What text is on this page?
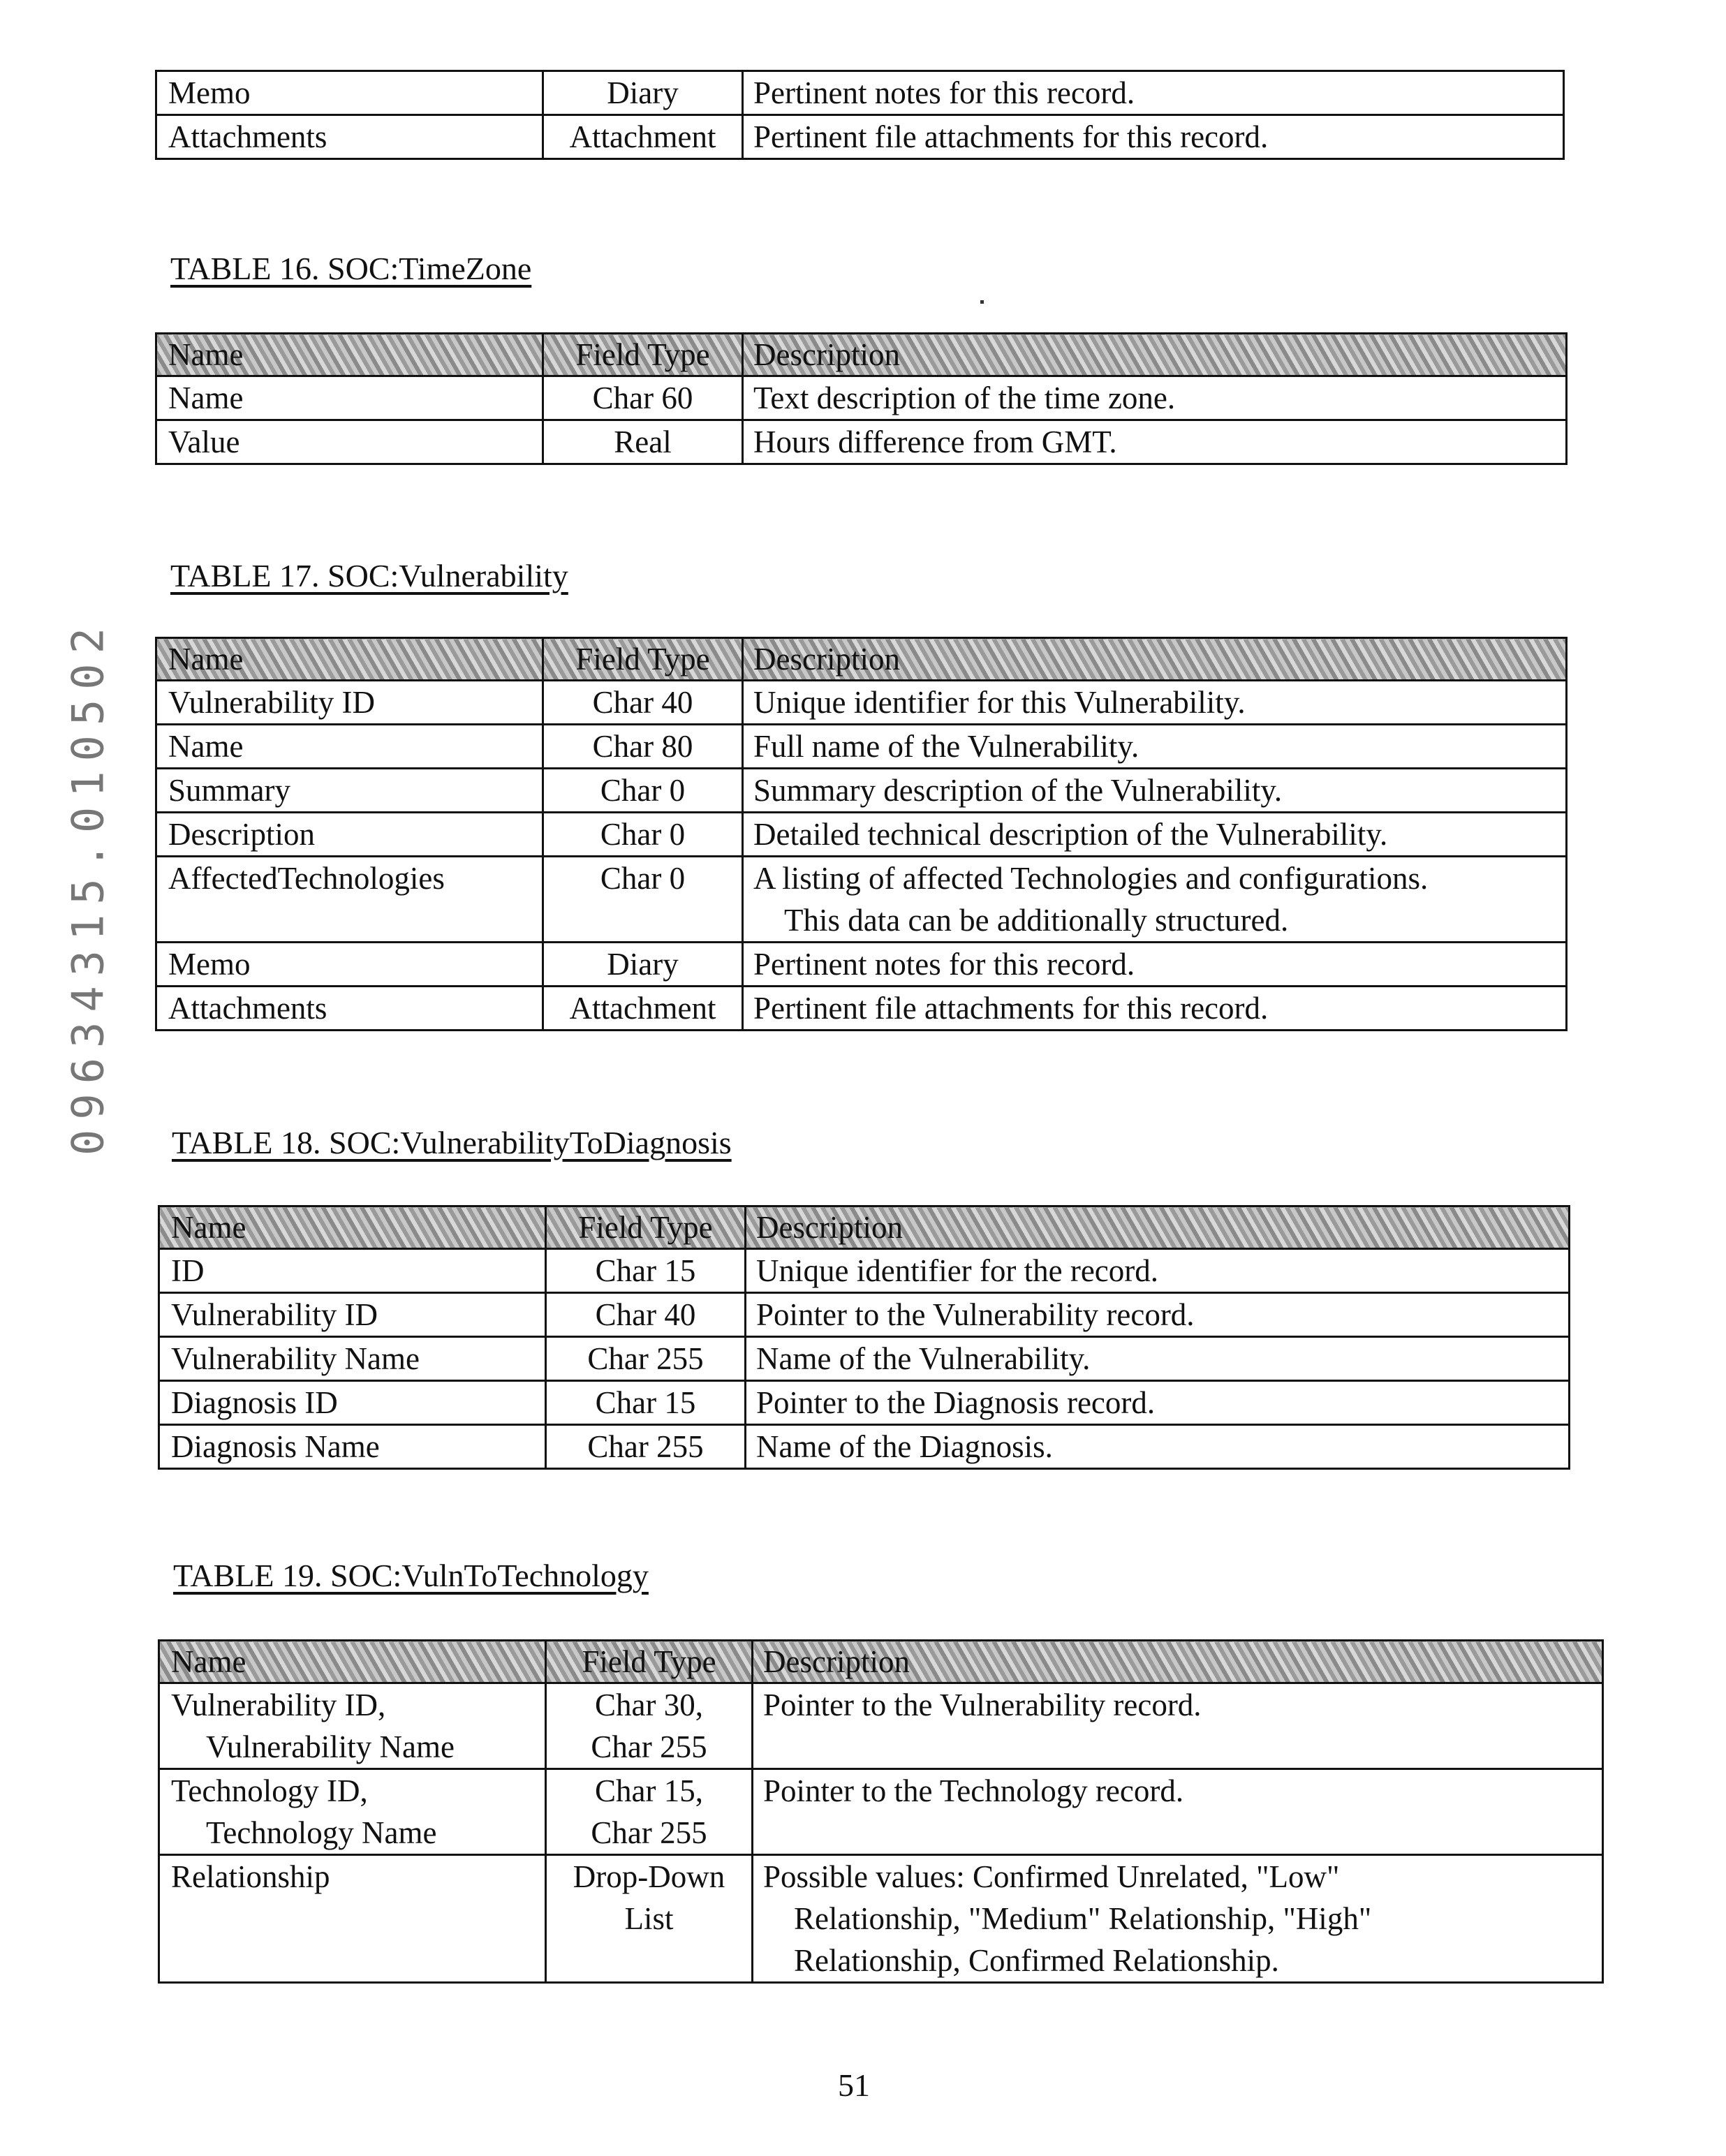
09634315.010502
Memo	Diary	Pertinent notes for this record.
Attachments	Attachment	Pertinent file attachments for this record.
TABLE 16. SOC:TimeZone
Name	Field Type	Description
Name	Char 60	Text description of the time zone.
Value	Real	Hours difference from GMT.
TABLE 17. SOC:Vulnerability
Name	Field Type	Description
Vulnerability ID	Char 40	Unique identifier for this Vulnerability.
Name	Char 80	Full name of the Vulnerability.
Summary	Char 0	Summary description of the Vulnerability.
Description	Char 0	Detailed technical description of the Vulnerability.
AffectedTechnologies	Char 0	A listing of affected Technologies and configurations.
This data can be additionally structured.
Memo	Diary	Pertinent notes for this record.
Attachments	Attachment	Pertinent file attachments for this record.
TABLE 18. SOC:VulnerabilityToDiagnosis
Name	Field Type	Description
ID	Char 15	Unique identifier for the record.
Vulnerability ID	Char 40	Pointer to the Vulnerability record.
Vulnerability Name	Char 255	Name of the Vulnerability.
Diagnosis ID	Char 15	Pointer to the Diagnosis record.
Diagnosis Name	Char 255	Name of the Diagnosis.
TABLE 19. SOC:VulnToTechnology
Name	Field Type	Description
Vulnerability ID,
Vulnerability Name	Char 30,
Char 255	Pointer to the Vulnerability record.
Technology ID,
Technology Name	Char 15,
Char 255	Pointer to the Technology record.
Relationship	Drop-Down
List	Possible values: Confirmed Unrelated, "Low"
Relationship, "Medium" Relationship, "High"
Relationship, Confirmed Relationship.
51
